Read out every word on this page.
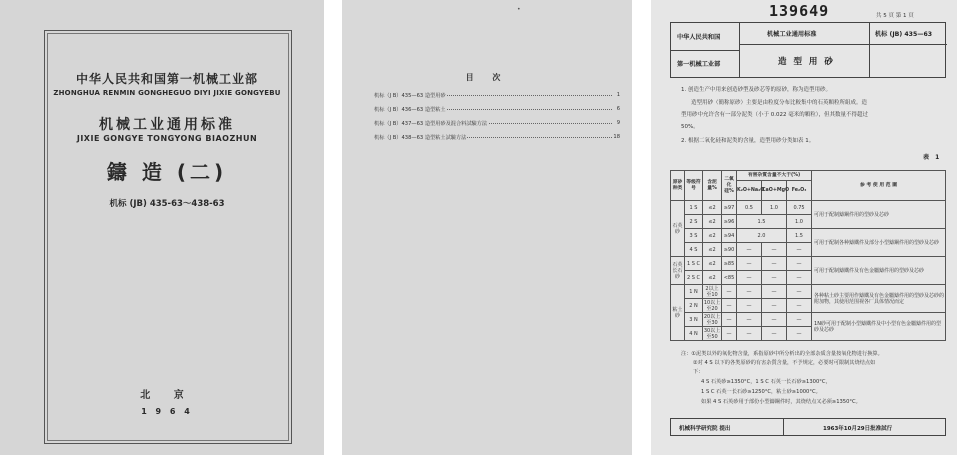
中华人民共和国第一机械工业部
ZHONGHUA RENMIN GONGHEGUO DIYI JIXIE GONGYEBU
机械工业通用标准
JIXIE GONGYE TONGYONG BIAOZHUN
鑄 造 (二)
机标 (JB) 435-63～438-63
北 京
1 9 6 4
•
目 次
机标（J B）435—63 造型用砂	1
机标（J B）436—63 造型粘土	6
机标（J B）437—63 造型用砂及混合料試驗方法	9
机标（J B）438—63 造型粘土試驗方法	18
139649	共 5 頁 第 1 頁
中华人民共和国
第一机械工业部
机械工业通用标准
造 型 用 砂
机标 (JB) 435—63
1. 创造生产中用来创造砂型及砂芯等的原砂，称为造型用砂。
造型用砂（簡称原砂）主要是由粒度分布比較集中的石英顆粒所組成。造
型用砂中允许含有一部分泥类（小于 0.022 毫米的顆粒），但其数量不得超过
50%。
2. 根据二氧化硅和泥类的含量，造型用砂分类如表 1。
表 1
原砂种类	等级符号	含泥量%	二氧化硅%	有害杂質含量不大于(%)			参 考 使 用 范 圍
				K₂O+Na₂O	CaO+MgO	Fe₂O₃	
石英砂	1 S	≤2	≥97	0.5	1.0	0.75	可用于配制鑄鋼件用的型砂及芯砂
	2 S	≤2	≥96	1.5		1.0	
	3 S	≤2	≥94	2.0		1.5	可用于配制各种鑄鐵件及部分小型鑄鋼件用的型砂及芯砂
	4 S	≤2	≥90	—	—	—	
石英长石砂	1 S C	≤2	≥85	—	—	—	可用于配制鑄鐵件及有色金屬鑄件用的型砂及芯砂
	2 S C	≤2	<85	—	—	—	
粘土砂	1 N	2以上至10	—	—	—	—	各种粘土砂主要用作鑄鐵及有色金屬鑄件用的型砂及芯砂的附加物，其使用范围视各厂具体情况而定
	2 N	10以上至20	—	—	—	—	
	3 N	20以上至30	—	—	—	—	1N砂可用于配制小型鑄鐵件及中小型有色金屬鑄件用的型砂及芯砂
	4 N	30以上至50	—	—	—	—	
注：①泥类以外的氧化物含量，系指原砂中所分析出的全部杂质含量按氧化物进行换算。
②对 4 S 以下的各类原砂的有害杂質含量，不予规定，必要时可限制其烧结点如
下：
4 S 石英砂≥1350°C，1 S C 石英一长石砂≥1300°C，
1 S C 石英一长石砂≥1250°C，粘土砂≥1000°C。
如果 4 S 石英砂用于部份小型鑄鋼件时，其烧结点又必须≥1350°C。
机械科学研究院 提出	1963年10月29日批准試行
